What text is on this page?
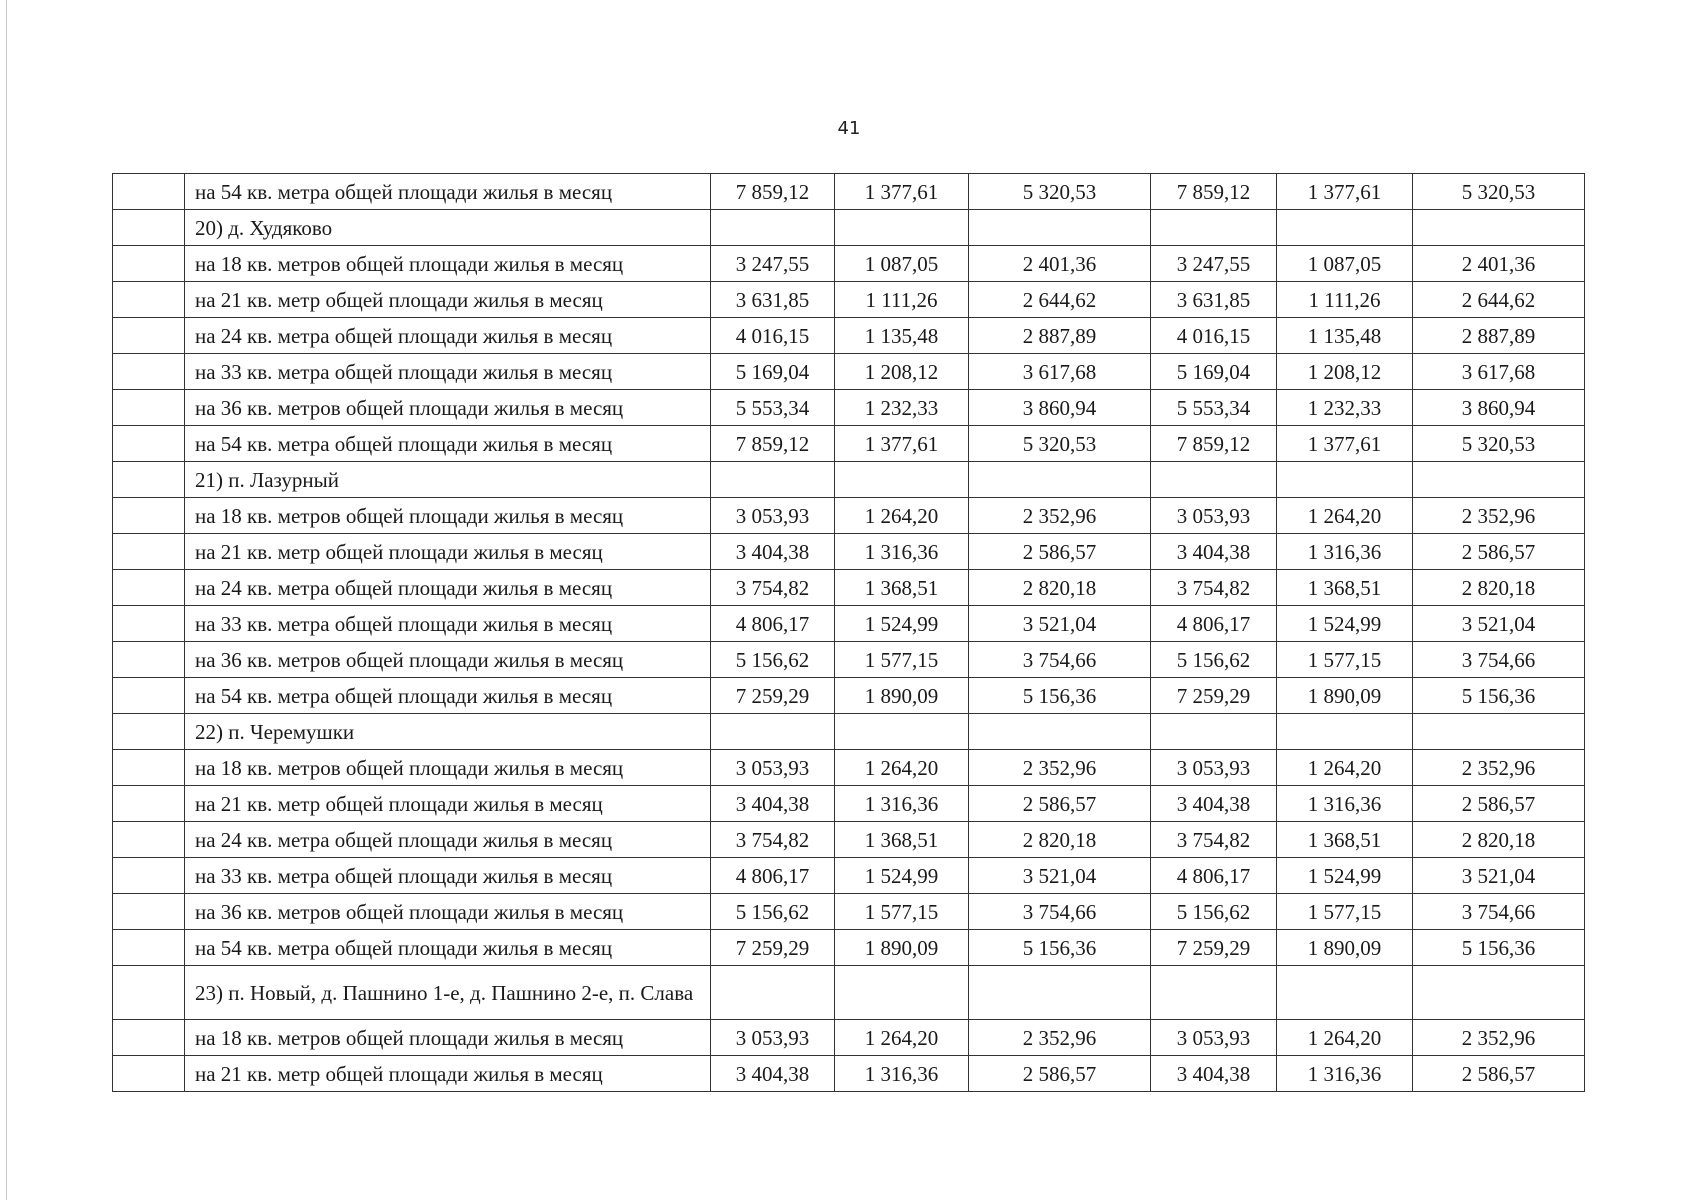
41
	на 54 кв. метра общей площади жилья в месяц	7 859,12	1 377,61	5 320,53	7 859,12	1 377,61	5 320,53
	20) д. Худяково						
	на 18 кв. метров общей площади жилья в месяц	3 247,55	1 087,05	2 401,36	3 247,55	1 087,05	2 401,36
	на 21 кв. метр общей площади жилья в месяц	3 631,85	1 111,26	2 644,62	3 631,85	1 111,26	2 644,62
	на 24 кв. метра общей площади жилья в месяц	4 016,15	1 135,48	2 887,89	4 016,15	1 135,48	2 887,89
	на 33 кв. метра общей площади жилья в месяц	5 169,04	1 208,12	3 617,68	5 169,04	1 208,12	3 617,68
	на 36 кв. метров общей площади жилья в месяц	5 553,34	1 232,33	3 860,94	5 553,34	1 232,33	3 860,94
	на 54 кв. метра общей площади жилья в месяц	7 859,12	1 377,61	5 320,53	7 859,12	1 377,61	5 320,53
	21) п. Лазурный						
	на 18 кв. метров общей площади жилья в месяц	3 053,93	1 264,20	2 352,96	3 053,93	1 264,20	2 352,96
	на 21 кв. метр общей площади жилья в месяц	3 404,38	1 316,36	2 586,57	3 404,38	1 316,36	2 586,57
	на 24 кв. метра общей площади жилья в месяц	3 754,82	1 368,51	2 820,18	3 754,82	1 368,51	2 820,18
	на 33 кв. метра общей площади жилья в месяц	4 806,17	1 524,99	3 521,04	4 806,17	1 524,99	3 521,04
	на 36 кв. метров общей площади жилья в месяц	5 156,62	1 577,15	3 754,66	5 156,62	1 577,15	3 754,66
	на 54 кв. метра общей площади жилья в месяц	7 259,29	1 890,09	5 156,36	7 259,29	1 890,09	5 156,36
	22) п. Черемушки						
	на 18 кв. метров общей площади жилья в месяц	3 053,93	1 264,20	2 352,96	3 053,93	1 264,20	2 352,96
	на 21 кв. метр общей площади жилья в месяц	3 404,38	1 316,36	2 586,57	3 404,38	1 316,36	2 586,57
	на 24 кв. метра общей площади жилья в месяц	3 754,82	1 368,51	2 820,18	3 754,82	1 368,51	2 820,18
	на 33 кв. метра общей площади жилья в месяц	4 806,17	1 524,99	3 521,04	4 806,17	1 524,99	3 521,04
	на 36 кв. метров общей площади жилья в месяц	5 156,62	1 577,15	3 754,66	5 156,62	1 577,15	3 754,66
	на 54 кв. метра общей площади жилья в месяц	7 259,29	1 890,09	5 156,36	7 259,29	1 890,09	5 156,36
	23) п. Новый, д. Пашнино 1-е, д. Пашнино 2-е, п. Слава						
	на 18 кв. метров общей площади жилья в месяц	3 053,93	1 264,20	2 352,96	3 053,93	1 264,20	2 352,96
	на 21 кв. метр общей площади жилья в месяц	3 404,38	1 316,36	2 586,57	3 404,38	1 316,36	2 586,57
